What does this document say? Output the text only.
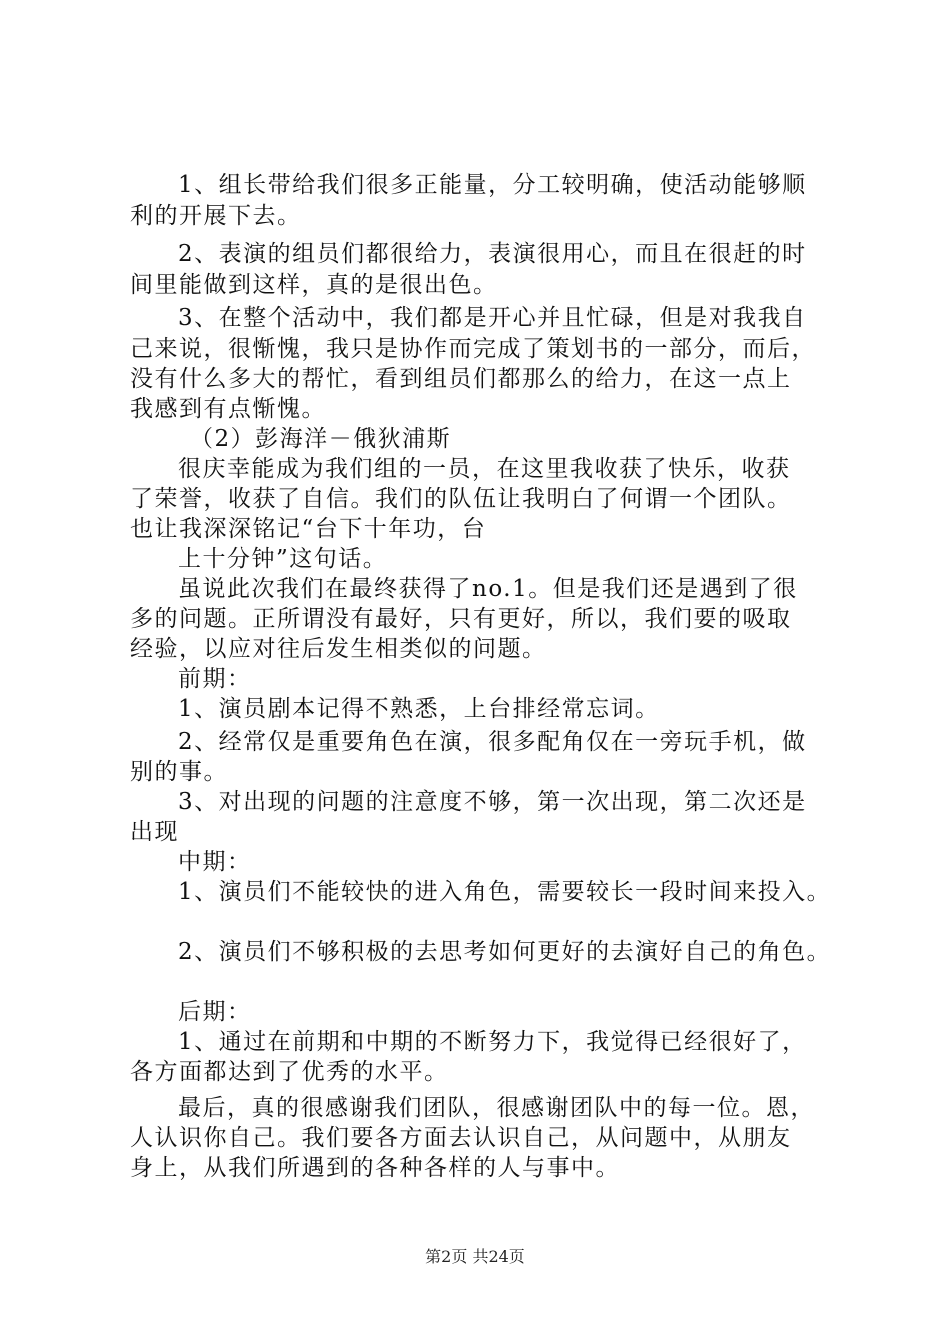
1、组长带给我们很多正能量，分工较明确，使活动能够顺
利的开展下去。
2、表演的组员们都很给力，表演很用心，而且在很赶的时
间里能做到这样，真的是很出色。
3、在整个活动中，我们都是开心并且忙碌，但是对我我自
己来说，很惭愧，我只是协作而完成了策划书的一部分，而后，
没有什么多大的帮忙，看到组员们都那么的给力，在这一点上
我感到有点惭愧。
（2）彭海洋－俄狄浦斯
很庆幸能成为我们组的一员，在这里我收获了快乐，收获
了荣誉，收获了自信。我们的队伍让我明白了何谓一个团队。
也让我深深铭记“台下十年功，台
上十分钟”这句话。
虽说此次我们在最终获得了no.1。但是我们还是遇到了很
多的问题。正所谓没有最好，只有更好，所以，我们要的吸取
经验，以应对往后发生相类似的问题。
前期：
1、演员剧本记得不熟悉，上台排经常忘词。
2、经常仅是重要角色在演，很多配角仅在一旁玩手机，做
别的事。
3、对出现的问题的注意度不够，第一次出现，第二次还是
出现
中期：
1、演员们不能较快的进入角色，需要较长一段时间来投入。
2、演员们不够积极的去思考如何更好的去演好自己的角色。
后期：
1、通过在前期和中期的不断努力下，我觉得已经很好了，
各方面都达到了优秀的水平。
最后，真的很感谢我们团队，很感谢团队中的每一位。恩，
人认识你自己。我们要各方面去认识自己，从问题中，从朋友
身上，从我们所遇到的各种各样的人与事中。
第2页 共24页
